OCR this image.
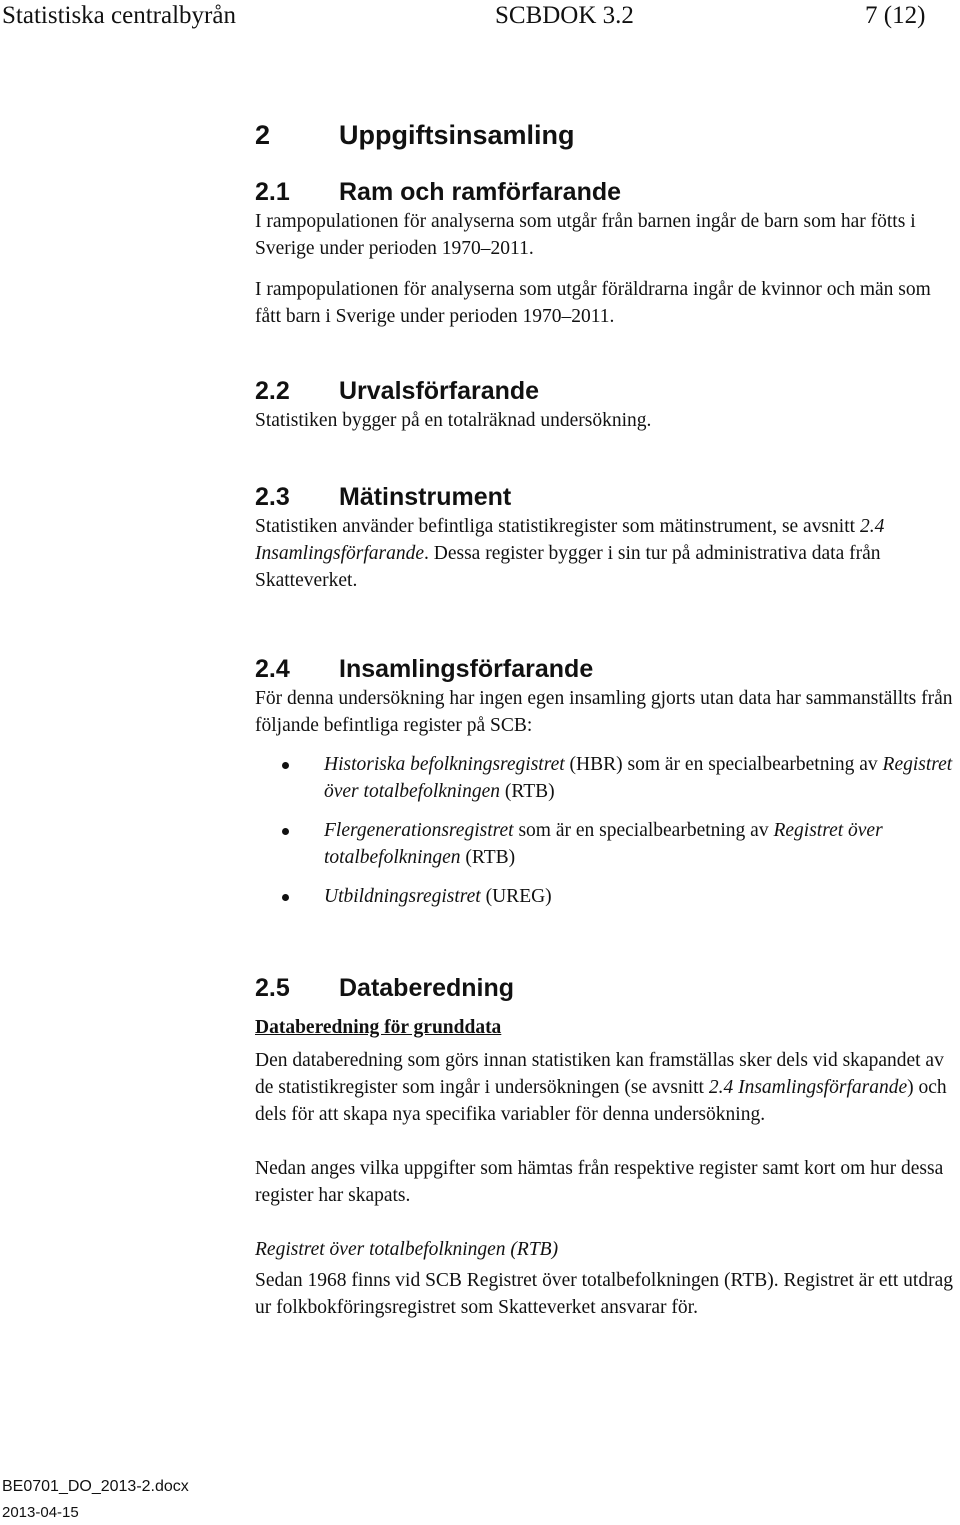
Statistiska centralbyrån	SCBDOK 3.2	7 (12)
2	Uppgiftsinsamling
2.1 Ram och ramförfarande

I rampopulationen för analyserna som utgår från barnen ingår de barn som har fötts i Sverige under perioden 1970–2011.

I rampopulationen för analyserna som utgår föräldrarna ingår de kvinnor och män som fått barn i Sverige under perioden 1970–2011.

2.2 Urvalsförfarande

Statistiken bygger på en totalräknad undersökning.

2.3 Mätinstrument

Statistiken använder befintliga statistikregister som mätinstrument, se avsnitt 2.4 Insamlingsförfarande. Dessa register bygger i sin tur på administrativa data från Skatteverket.

2.4 Insamlingsförfarande

För denna undersökning har ingen egen insamling gjorts utan data har sammanställts från följande befintliga register på SCB:

Historiska befolkningsregistret (HBR) som är en specialbearbetning av Registret över totalbefolkningen (RTB)
Flergenerationsregistret som är en specialbearbetning av Registret över totalbefolkningen (RTB)
Utbildningsregistret (UREG)
2.5 Databeredning

Databeredning för grunddata

Den databeredning som görs innan statistiken kan framställas sker dels vid skapandet av de statistikregister som ingår i undersökningen (se avsnitt 2.4 Insamlingsförfarande) och dels för att skapa nya specifika variabler för denna undersökning.

Nedan anges vilka uppgifter som hämtas från respektive register samt kort om hur dessa register har skapats.

Registret över totalbefolkningen (RTB)

Sedan 1968 finns vid SCB Registret över totalbefolkningen (RTB). Registret är ett utdrag ur folkbokföringsregistret som Skatteverket ansvarar för.

BE0701_DO_2013-2.docx
2013-04-15
